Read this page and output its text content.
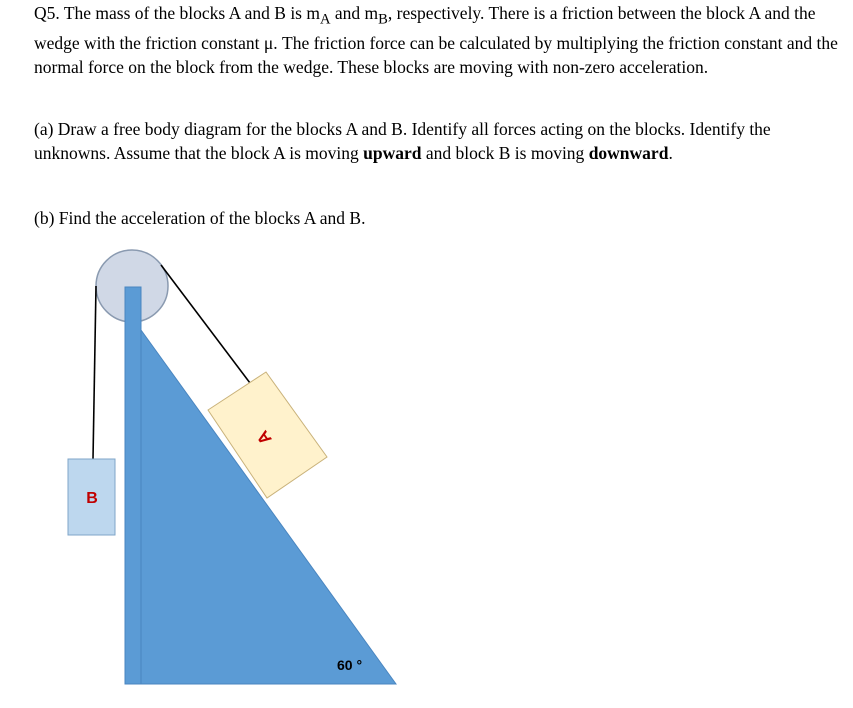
Q5. The mass of the blocks A and B is $m_A$ and $m_B$, respectively. There is a friction between the block A and the wedge with the friction constant μ. The friction force can be calculated by multiplying the friction constant and the normal force on the block from the wedge. These blocks are moving with non-zero acceleration.
(a) Draw a free body diagram for the blocks A and B. Identify all forces acting on the blocks. Identify the unknowns. Assume that the block A is moving upward and block B is moving downward.
(b) Find the acceleration of the blocks A and B.
A
B
60 °
